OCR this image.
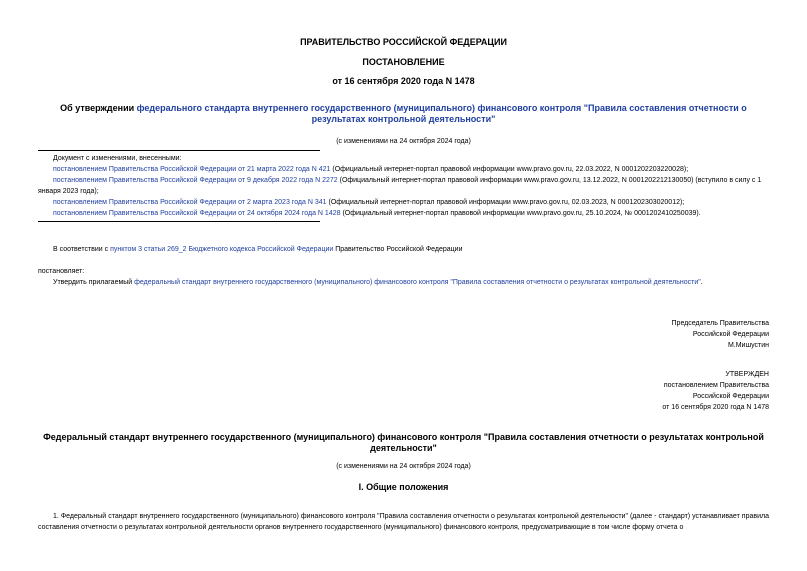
ПРАВИТЕЛЬСТВО РОССИЙСКОЙ ФЕДЕРАЦИИ
ПОСТАНОВЛЕНИЕ
от 16 сентября 2020 года N 1478
Об утверждении федерального стандарта внутреннего государственного (муниципального) финансового контроля "Правила составления отчетности о результатах контрольной деятельности"
(с изменениями на 24 октября 2024 года)
Документ с изменениями, внесенными:
постановлением Правительства Российской Федерации от 21 марта 2022 года N 421 (Официальный интернет-портал правовой информации www.pravo.gov.ru, 22.03.2022, N 0001202203220028);
постановлением Правительства Российской Федерации от 9 декабря 2022 года N 2272 (Официальный интернет-портал правовой информации www.pravo.gov.ru, 13.12.2022, N 0001202212130050) (вступило в силу с 1 января 2023 года);
постановлением Правительства Российской Федерации от 2 марта 2023 года N 341 (Официальный интернет-портал правовой информации www.pravo.gov.ru, 02.03.2023, N 0001202303020012);
постановлением Правительства Российской Федерации от 24 октября 2024 года N 1428 (Официальный интернет-портал правовой информации www.pravo.gov.ru, 25.10.2024, № 0001202410250039).
В соответствии с пунктом 3 статьи 269_2 Бюджетного кодекса Российской Федерации Правительство Российской Федерации
постановляет:
Утвердить прилагаемый федеральный стандарт внутреннего государственного (муниципального) финансового контроля "Правила составления отчетности о результатах контрольной деятельности".
Председатель Правительства
Российской Федерации
М.Мишустин
УТВЕРЖДЕН
постановлением Правительства
Российской Федерации
от 16 сентября 2020 года N 1478
Федеральный стандарт внутреннего государственного (муниципального) финансового контроля "Правила составления отчетности о результатах контрольной деятельности"
(с изменениями на 24 октября 2024 года)
I. Общие положения
1. Федеральный стандарт внутреннего государственного (муниципального) финансового контроля "Правила составления отчетности о результатах контрольной деятельности" (далее - стандарт) устанавливает правила составления отчетности о результатах контрольной деятельности органов внутреннего государственного (муниципального) финансового контроля, предусматривающие в том числе форму отчета о
